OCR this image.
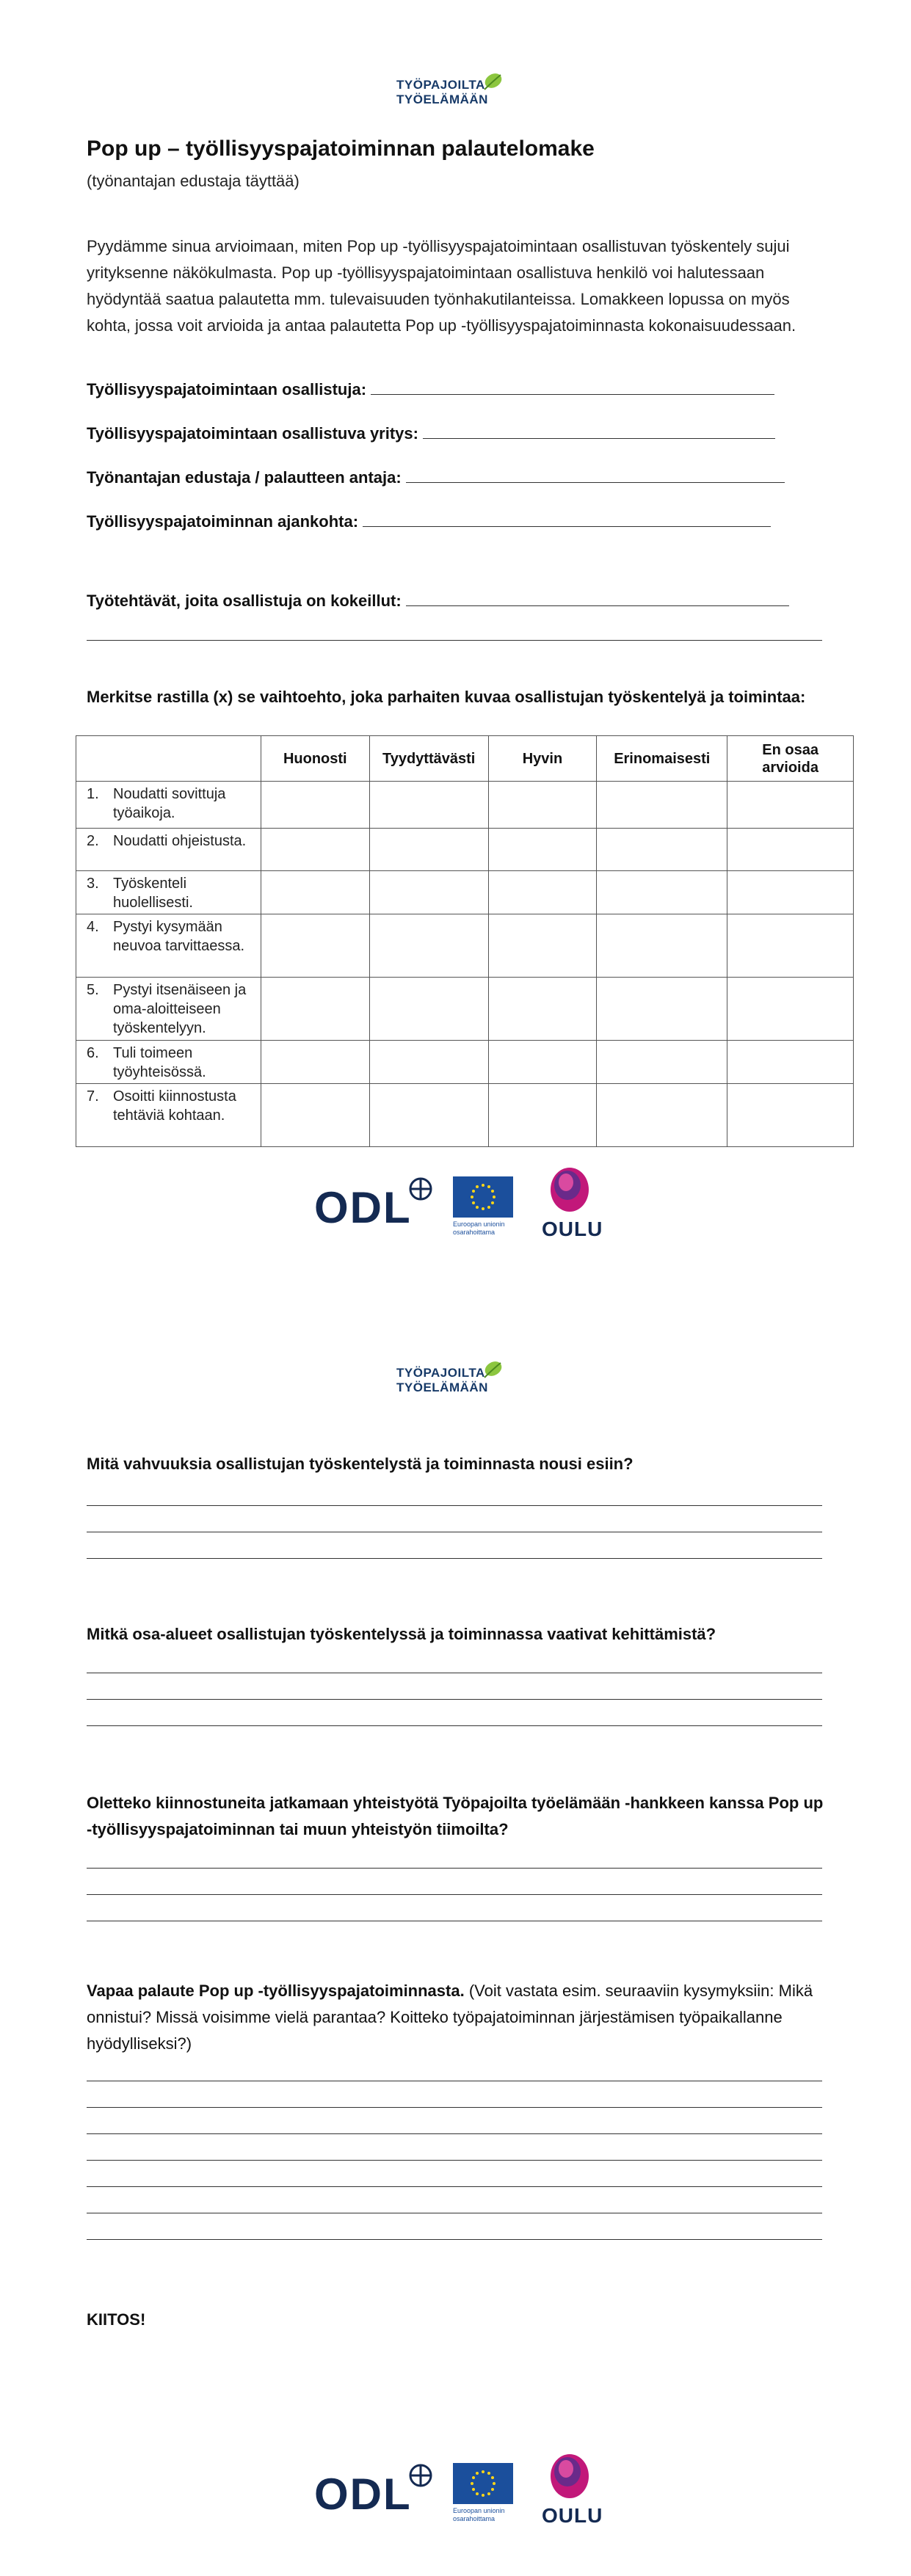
TYÖPAJOILTA
TYÖELÄMÄÄN
Pop up – työllisyyspajatoiminnan palautelomake
(työnantajan edustaja täyttää)
Pyydämme sinua arvioimaan, miten Pop up -työllisyyspajatoimintaan osallistuvan työskentely sujui yrityksenne näkökulmasta. Pop up -työllisyyspajatoimintaan osallistuva henkilö voi halutessaan hyödyntää saatua palautetta mm. tulevaisuuden työnhakutilanteissa. Lomakkeen lopussa on myös kohta, jossa voit arvioida ja antaa palautetta Pop up -työllisyyspajatoiminnasta kokonaisuudessaan.
Työllisyyspajatoimintaan osallistuja:
Työllisyyspajatoimintaan osallistuva yritys:
Työnantajan edustaja / palautteen antaja:
Työllisyyspajatoiminnan ajankohta:
Työtehtävät, joita osallistuja on kokeillut:
Merkitse rastilla (x) se vaihtoehto, joka parhaiten kuvaa osallistujan työskentelyä ja toimintaa:
	Huonosti	Tyydyttävästi	Hyvin	Erinomaisesti	En osaa arvioida
1. Noudatti sovittuja työaikoja.					
2. Noudatti ohjeistusta.					
3. Työskenteli huolellisesti.					
4. Pystyi kysymään neuvoa tarvittaessa.					
5. Pystyi itsenäiseen ja oma-aloitteiseen työskentelyyn.					
6. Tuli toimeen työyhteisössä.					
7. Osoitti kiinnostusta tehtäviä kohtaan.					
ODL	Euroopan unionin
osarahoittama	OULU
TYÖPAJOILTA
TYÖELÄMÄÄN
Mitä vahvuuksia osallistujan työskentelystä ja toiminnasta nousi esiin?
Mitkä osa-alueet osallistujan työskentelyssä ja toiminnassa vaativat kehittämistä?
Oletteko kiinnostuneita jatkamaan yhteistyötä Työpajoilta työelämään -hankkeen kanssa Pop up -työllisyyspajatoiminnan tai muun yhteistyön tiimoilta?
Vapaa palaute Pop up -työllisyyspajatoiminnasta. (Voit vastata esim. seuraaviin kysymyksiin: Mikä onnistui? Missä voisimme vielä parantaa? Koitteko työpajatoiminnan järjestämisen työpaikallanne hyödylliseksi?)
KIITOS!
ODL	Euroopan unionin
osarahoittama	OULU
